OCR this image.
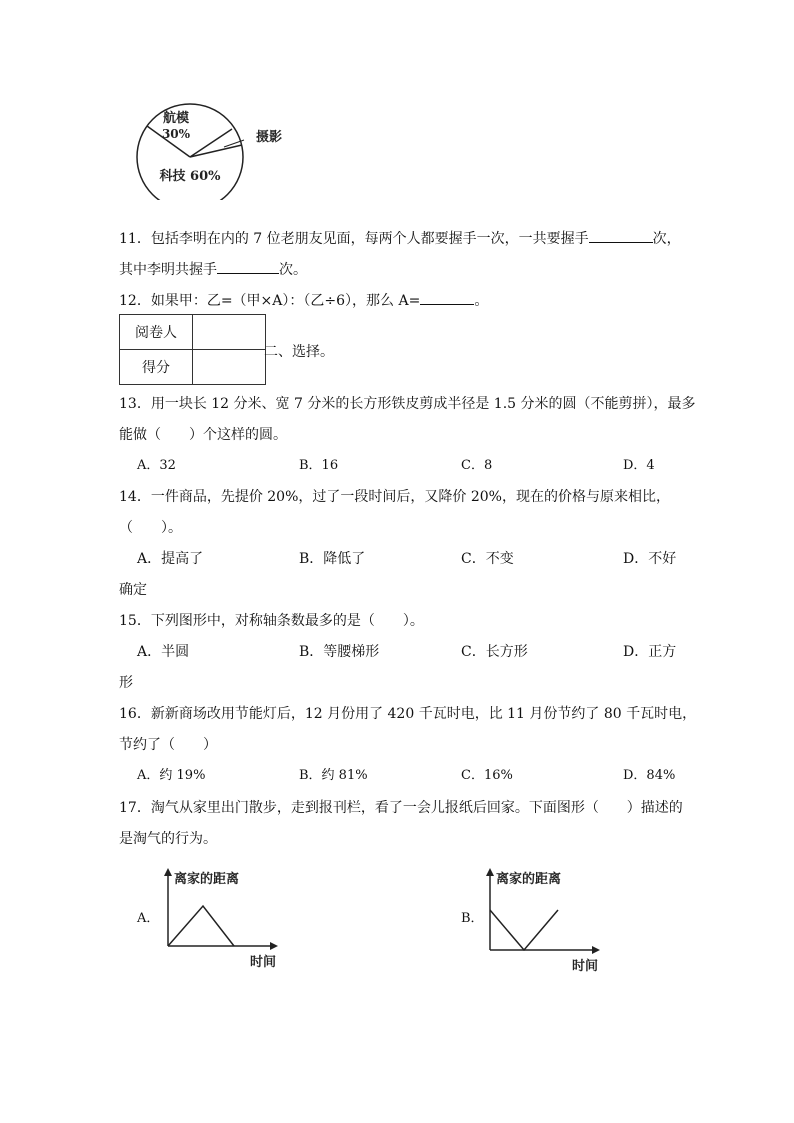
航模
30%
科技 60%
摄影
11．包括李明在内的 7 位老朋友见面，每两个人都要握手一次，一共要握手	次，
其中李明共握手	次。
12．如果甲：乙=（甲×A）：（乙÷6），那么 A=	。
阅卷人	
得分	
二、选择。
13．用一块长 12 分米、宽 7 分米的长方形铁皮剪成半径是 1.5 分米的圆（不能剪拼），最多
能做（　　）个这样的圆。
A．32	B．16	C．8	D．4
14．一件商品，先提价 20%，过了一段时间后，又降价 20%，现在的价格与原来相比，
（　　）。
A．提高了	B．降低了	C．不变	D．不好
确定
15．下列图形中，对称轴条数最多的是（　　）。
A．半圆	B．等腰梯形	C．长方形	D．正方
形
16．新新商场改用节能灯后，12 月份用了 420 千瓦时电，比 11 月份节约了 80 千瓦时电，
节约了（　　）
A．约 19%	B．约 81%	C．16%	D．84%
17．淘气从家里出门散步，走到报刊栏，看了一会儿报纸后回家。下面图形（　　）描述的
是淘气的行为。
A．
离家的距离
时间
B．
离家的距离
时间
